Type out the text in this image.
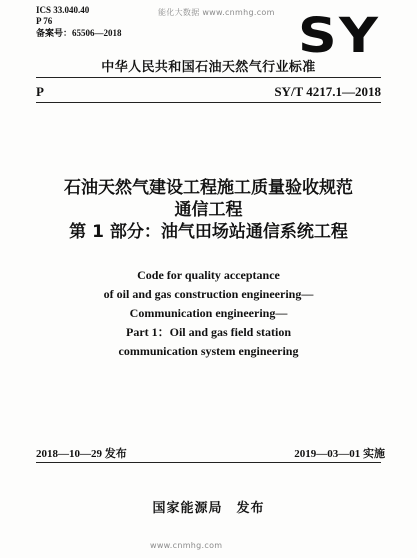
ICS 33.040.40
P 76
备案号：65506—2018
能化大数据 www.cnmhg.com SY
中华人民共和国石油天然气行业标准
P	SY/T 4217.1—2018
石油天然气建设工程施工质量验收规范
通信工程
第 1 部分：油气田场站通信系统工程
Code for quality acceptance
of oil and gas construction engineering—
Communication engineering—
Part 1：Oil and gas field station
communication system engineering
2018—10—29 发布	2019—03—01 实施
国家能源局　发布
www.cnmhg.com
